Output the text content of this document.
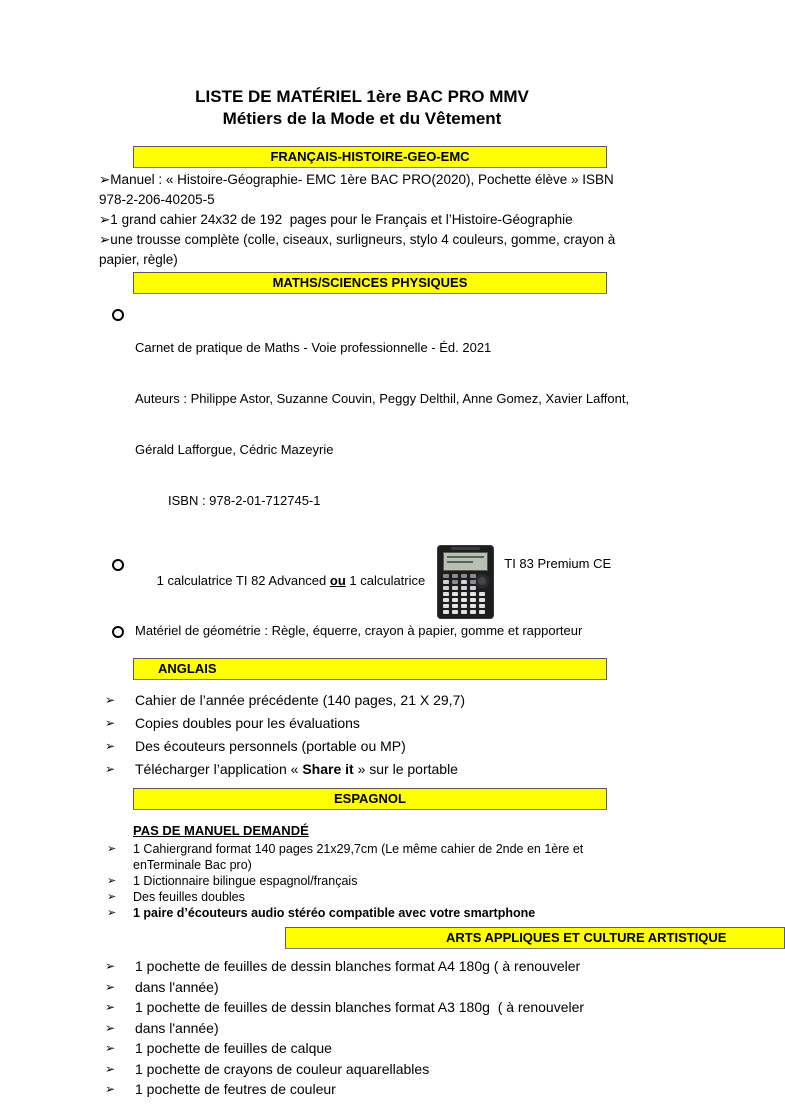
LISTE DE MATÉRIEL 1ère BAC PRO MMV
Métiers de la Mode et du Vêtement
FRANÇAIS-HISTOIRE-GEO-EMC
➢Manuel : « Histoire-Géographie- EMC 1ère BAC PRO(2020), Pochette élève » ISBN
978-2-206-40205-5
➢1 grand cahier 24x32 de 192  pages pour le Français et l’Histoire-Géographie
➢une trousse complète (colle, ciseaux, surligneurs, stylo 4 couleurs, gomme, crayon à
papier, règle)
MATHS/SCIENCES PHYSIQUES

Carnet de pratique de Maths - Voie professionnelle - Éd. 2021

Auteurs : Philippe Astor, Suzanne Couvin, Peggy Delthil, Anne Gomez, Xavier Laffont,

Gérald Lafforgue, Cédric Mazeyrie

ISBN : 978-2-01-712745-1

1 calculatrice TI 82 Advanced ou 1 calculatrice

TI 83 Premium CE
Matériel de géométrie : Règle, équerre, crayon à papier, gomme et rapporteur
ANGLAIS
➢	Cahier de l’année précédente (140 pages, 21 X 29,7)
➢	Copies doubles pour les évaluations
➢	Des écouteurs personnels (portable ou MP)
➢	Télécharger l’application « Share it » sur le portable
ESPAGNOL
PAS DE MANUEL DEMANDÉ
➢	1 Cahiergrand format 140 pages 21x29,7cm (Le même cahier de 2nde en 1ère et
enTerminale Bac pro)
➢	1 Dictionnaire bilingue espagnol/français
➢	Des feuilles doubles
➢	1 paire d’écouteurs audio stéréo compatible avec votre smartphone
ARTS APPLIQUES ET CULTURE ARTISTIQUE
➢	1 pochette de feuilles de dessin blanches format A4 180g ( à renouveler
➢	dans l'année)
➢	1 pochette de feuilles de dessin blanches format A3 180g  ( à renouveler
➢	dans l'année)
➢	1 pochette de feuilles de calque
➢	1 pochette de crayons de couleur aquarellables
➢	1 pochette de feutres de couleur
